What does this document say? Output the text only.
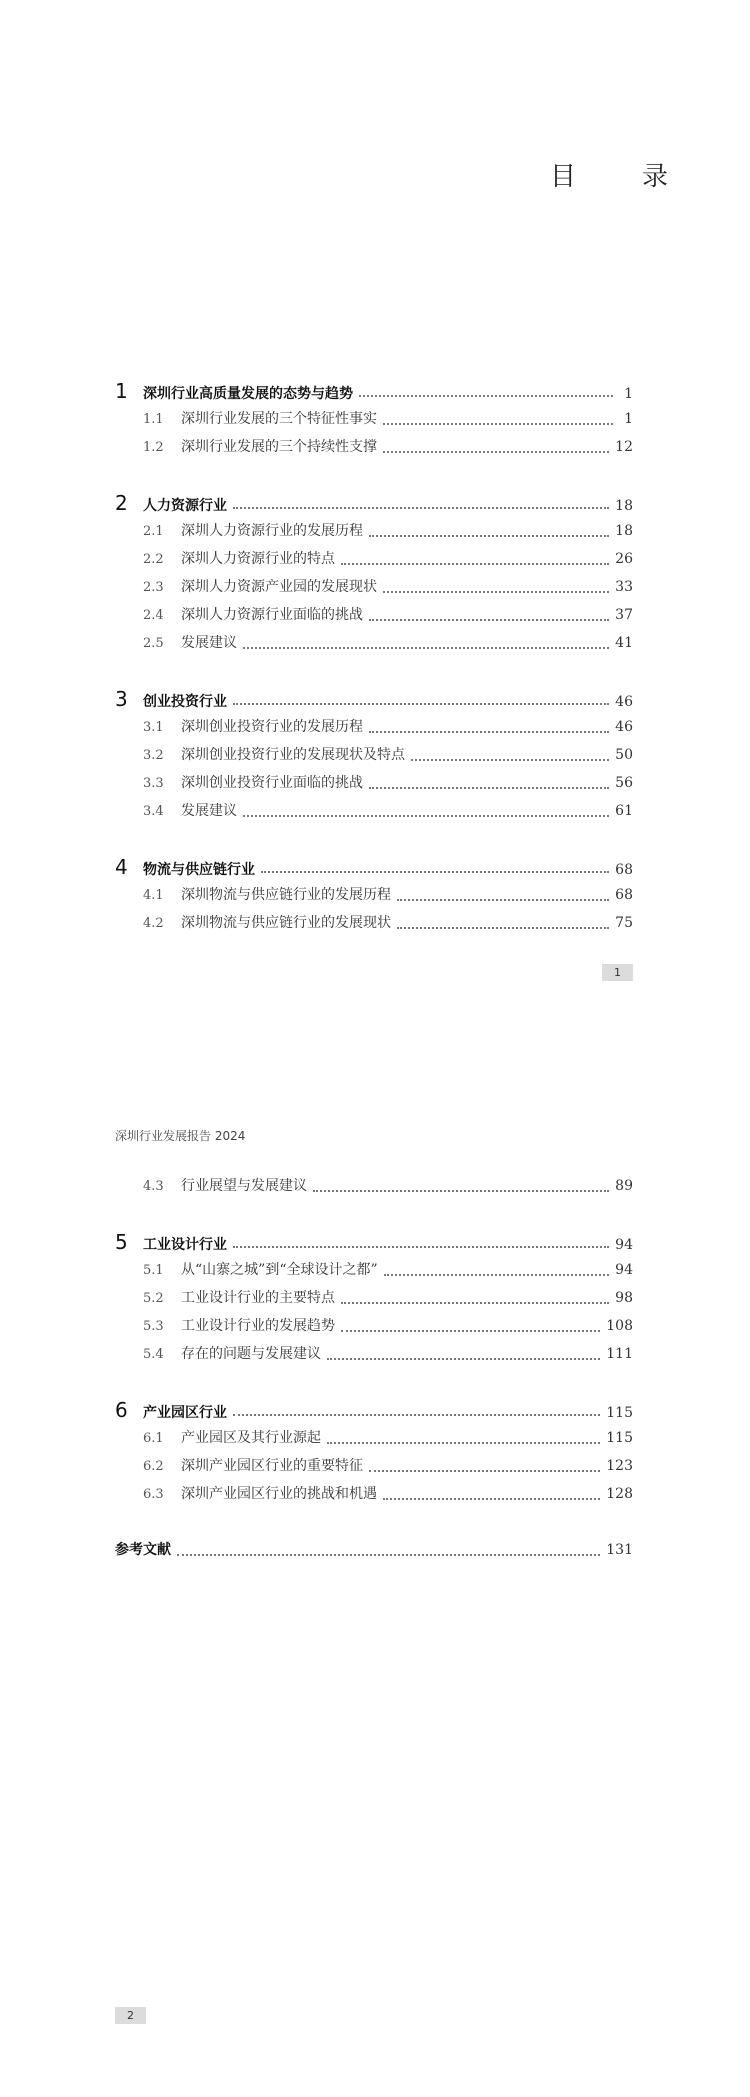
目　录
1	深圳行业高质量发展的态势与趋势	1
1.1	深圳行业发展的三个特征性事实	1
1.2	深圳行业发展的三个持续性支撑	12
2	人力资源行业	18
2.1	深圳人力资源行业的发展历程	18
2.2	深圳人力资源行业的特点	26
2.3	深圳人力资源产业园的发展现状	33
2.4	深圳人力资源行业面临的挑战	37
2.5	发展建议	41
3	创业投资行业	46
3.1	深圳创业投资行业的发展历程	46
3.2	深圳创业投资行业的发展现状及特点	50
3.3	深圳创业投资行业面临的挑战	56
3.4	发展建议	61
4	物流与供应链行业	68
4.1	深圳物流与供应链行业的发展历程	68
4.2	深圳物流与供应链行业的发展现状	75
1
深圳行业发展报告 2024
4.3	行业展望与发展建议	89
5	工业设计行业	94
5.1	从“山寨之城”到“全球设计之都”	94
5.2	工业设计行业的主要特点	98
5.3	工业设计行业的发展趋势	108
5.4	存在的问题与发展建议	111
6	产业园区行业	115
6.1	产业园区及其行业源起	115
6.2	深圳产业园区行业的重要特征	123
6.3	深圳产业园区行业的挑战和机遇	128
参考文献	131
2
